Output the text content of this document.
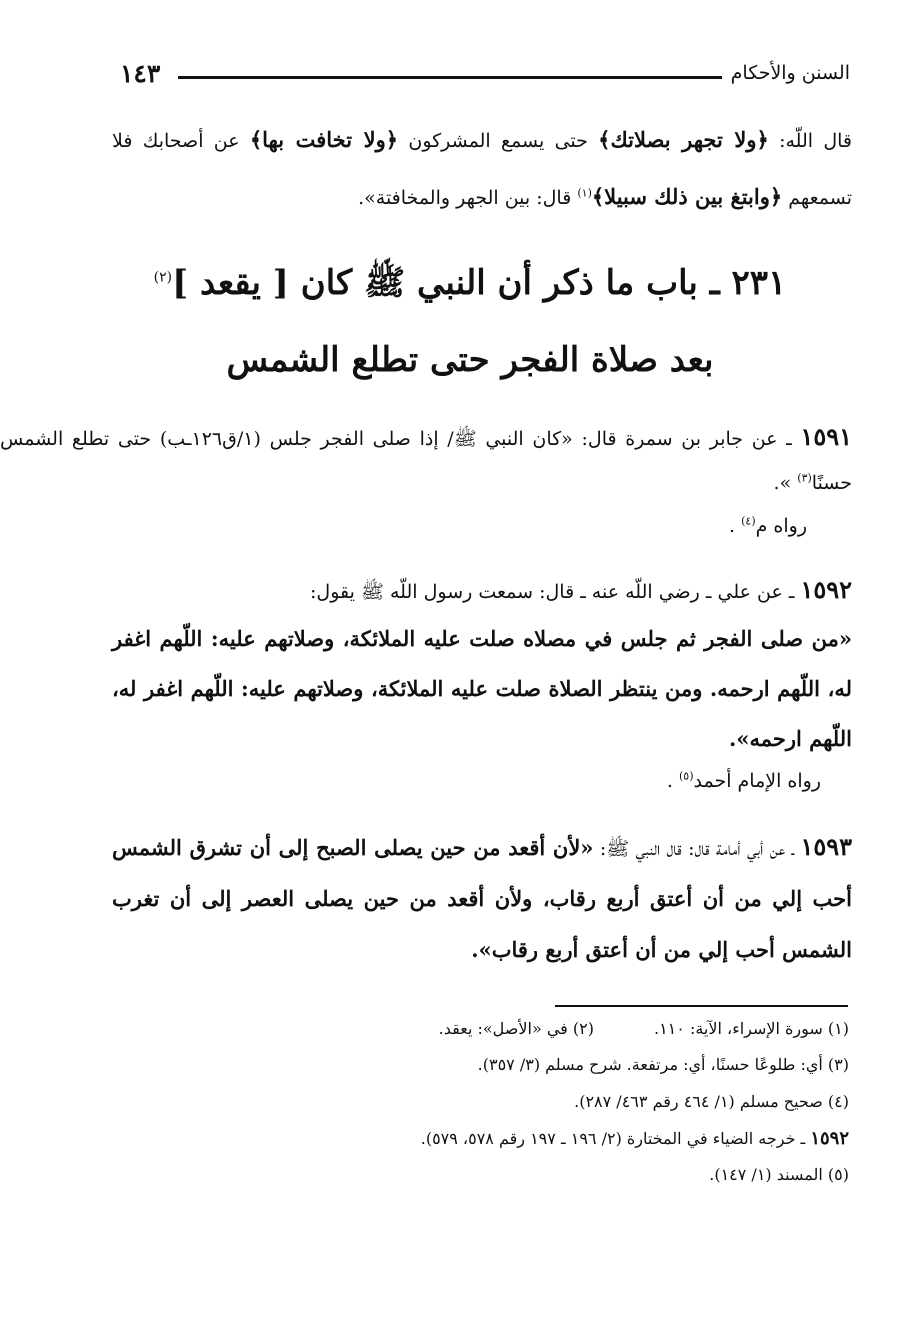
السنن والأحكام
١٤٣
قال اللّه: ﴿ولا تجهر بصلاتك﴾ حتى يسمع المشركون ﴿ولا تخافت بها﴾ عن أصحابك فلا تسمعهم ﴿وابتغ بين ذلك سبيلا﴾$^{(١)}$ قال: بين الجهر والمخافتة».
٢٣١ ـ باب ما ذكر أن النبي ﷺ كان [ يقعد ]$^{(٢)}$
بعد صلاة الفجر حتى تطلع الشمس
١٥٩١ ـ عن جابر بن سمرة قال: «كان النبي ﷺ/ إذا صلى الفجر جلس (١/ق١٢٦ـب) حتى تطلع الشمس حسنًا$^{(٣)}$ ».
رواه م$^{(٤)}$ .
١٥٩٢ ـ عن علي ـ رضي اللّه عنه ـ قال: سمعت رسول اللّه ﷺ يقول:
«من صلى الفجر ثم جلس في مصلاه صلت عليه الملائكة، وصلاتهم عليه: اللّهم اغفر له، اللّهم ارحمه. ومن ينتظر الصلاة صلت عليه الملائكة، وصلاتهم عليه: اللّهم اغفر له، اللّهم ارحمه».
رواه الإمام أحمد$^{(٥)}$ .
١٥٩٣ ـ عن أبي أمامة قال: قال النبي ﷺ: «لأن أقعد من حين يصلى الصبح إلى أن تشرق الشمس أحب إلي من أن أعتق أربع رقاب، ولأن أقعد من حين يصلى العصر إلى أن تغرب الشمس أحب إلي من أن أعتق أربع رقاب».
(١) سورة الإسراء، الآية: ١١٠.(٢) في «الأصل»: يعقد.
(٣) أي: طلوعًا حسنًا، أي: مرتفعة. شرح مسلم (٣/ ٣٥٧).
(٤) صحيح مسلم (١/ ٤٦٤ رقم ٤٦٣/ ٢٨٧).
١٥٩٢ ـ خرجه الضياء في المختارة (٢/ ١٩٦ ـ ١٩٧ رقم ٥٧٨، ٥٧٩).
(٥) المسند (١/ ١٤٧).
